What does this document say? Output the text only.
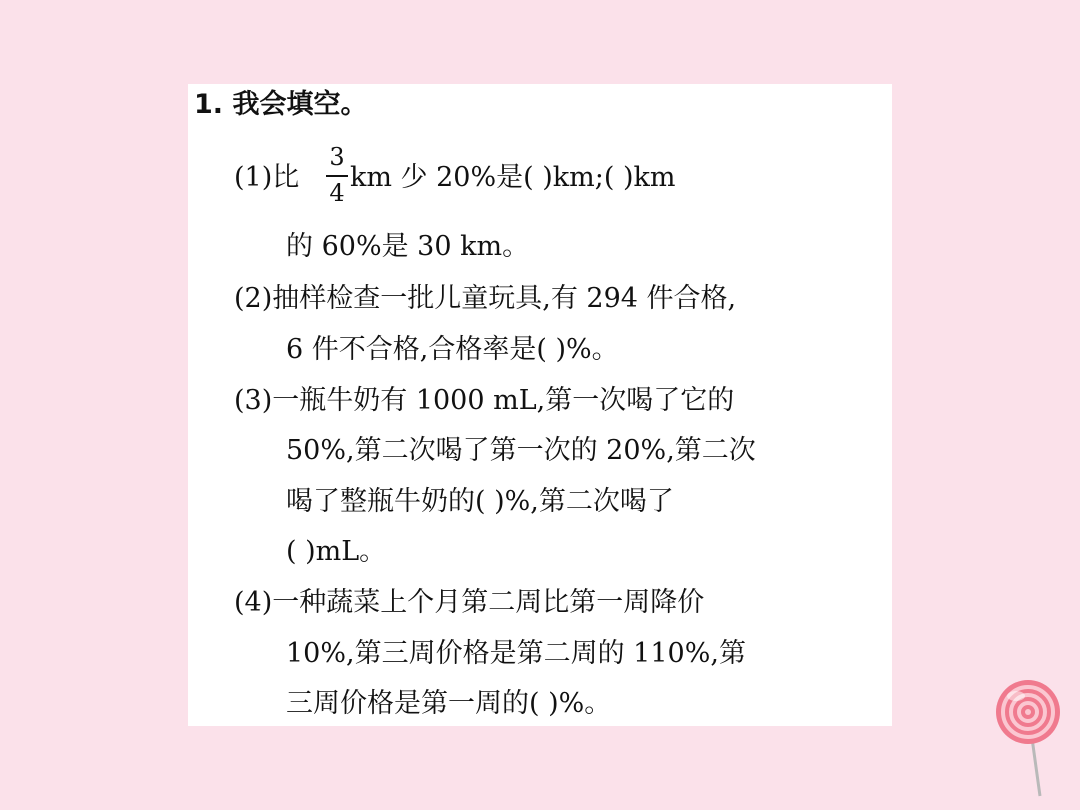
1. 我会填空。
(1)比
3
4 km 少 20%是( )km;( )km
的 60%是 30 km。
(2)抽样检查一批儿童玩具,有 294 件合格,
6 件不合格,合格率是( )%。
(3)一瓶牛奶有 1000 mL,第一次喝了它的
50%,第二次喝了第一次的 20%,第二次
喝了整瓶牛奶的( )%,第二次喝了
( )mL。
(4)一种蔬菜上个月第二周比第一周降价
10%,第三周价格是第二周的 110%,第
三周价格是第一周的( )%。
